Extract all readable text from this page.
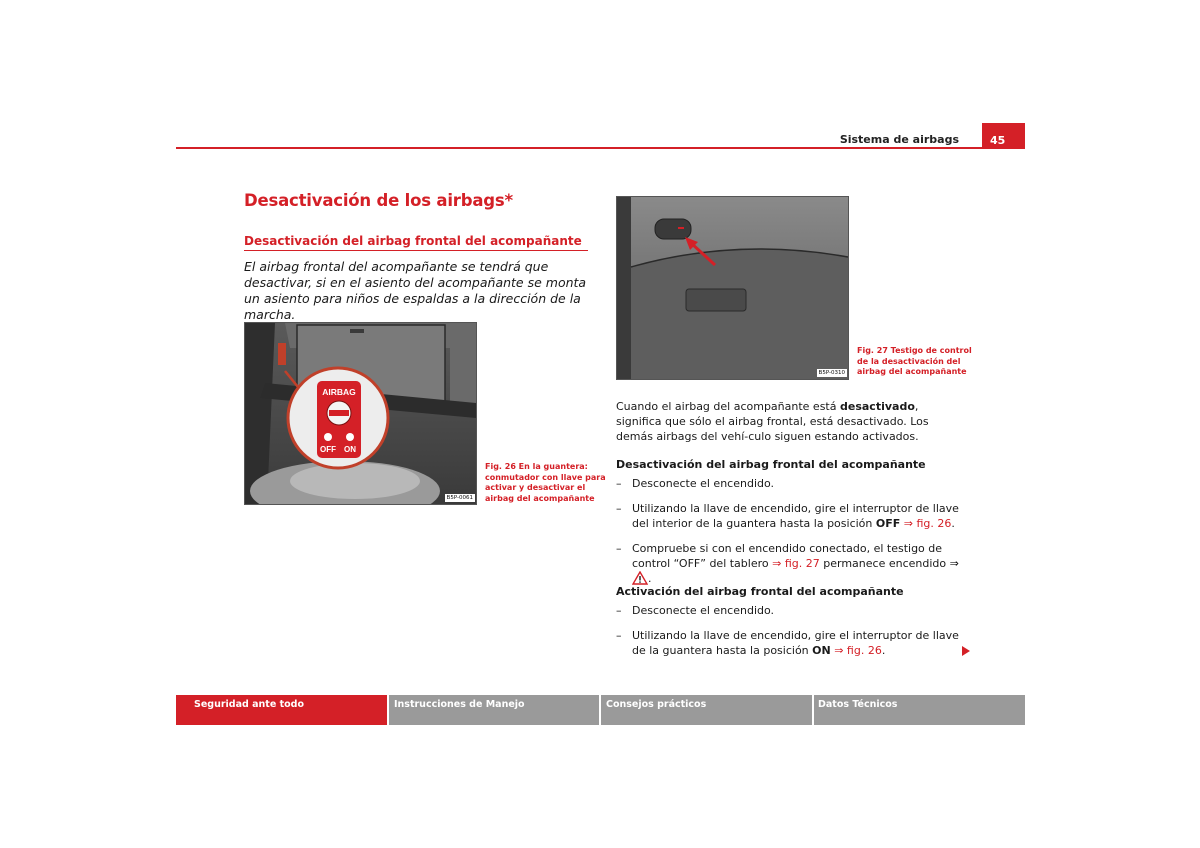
Sistema de airbags	45
Desactivación de los airbags*
Desactivación del airbag frontal del acompañante

El airbag frontal del acompañante se tendrá que desactivar, si en el asiento del acompañante se monta un asiento para niños de espaldas a la dirección de la marcha.

AIRBAG
OFF ON
B5P-0061
Fig. 26 En la guantera:
conmutador con llave para
activar y desactivar el
airbag del acompañante
B5P-0310
Fig. 27 Testigo de control
de la desactivación del
airbag del acompañante

Cuando el airbag del acompañante está desactivado, significa que sólo el airbag frontal, está desactivado. Los demás airbags del vehí-culo siguen estando activados.

Desactivación del airbag frontal del acompañante
– Desconecte el encendido.
– Utilizando la llave de encendido, gire el interruptor de llave del interior de la guantera hasta la posición OFF ⇒ fig. 26.
– Compruebe si con el encendido conectado, el testigo de control “OFF” del tablero ⇒ fig. 27 permanece encendido ⇒ .
Activación del airbag frontal del acompañante
– Desconecte el encendido.
– Utilizando la llave de encendido, gire el interruptor de llave de la guantera hasta la posición ON ⇒ fig. 26.
Seguridad ante todo	Instrucciones de Manejo	Consejos prácticos	Datos Técnicos
